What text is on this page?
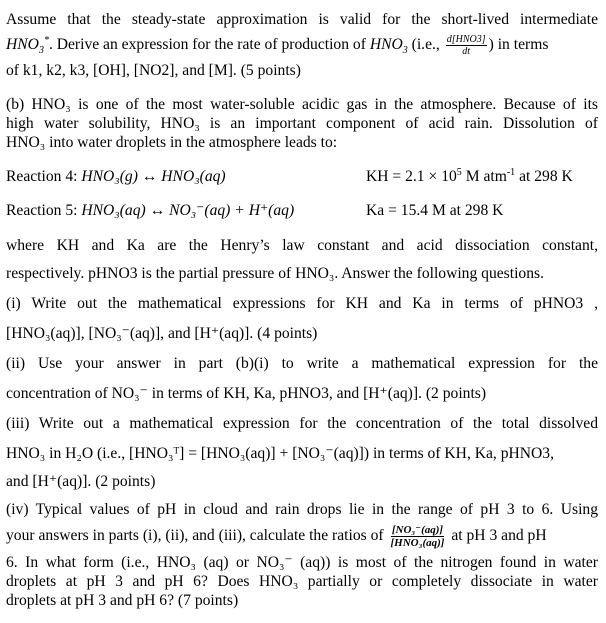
Assume that the steady-state approximation is valid for the short-lived intermediate
$HNO_3^*$. Derive an expression for the rate of production of $HNO_3$ (i.e., $\frac{\text{d[HNO3]}}{dt}$ ) in terms
of k1, k2, k3, [OH], [NO2], and [M]. (5 points)
(b) HNO₃ is one of the most water-soluble acidic gas in the atmosphere. Because of its
high water solubility, HNO₃ is an important component of acid rain. Dissolution of
HNO₃ into water droplets in the atmosphere leads to:
Reaction 4: HNO₃(g) ↔ HNO₃(aq)	KH = $2.1 \times 10^5$ M atm$^{-1}$ at 298 K
Reaction 5: HNO₃(aq) ↔ NO₃⁻(aq) + H⁺(aq)	Ka = 15.4 M at 298 K
where KH and Ka are the Henry’s law constant and acid dissociation constant,
respectively. pHNO3 is the partial pressure of HNO₃. Answer the following questions.
(i) Write out the mathematical expressions for KH and Ka in terms of pHNO3 ,
[HNO₃(aq)], [NO₃⁻(aq)], and [H⁺(aq)]. (4 points)
(ii) Use your answer in part (b)(i) to write a mathematical expression for the
concentration of NO₃⁻ in terms of KH, Ka, pHNO3, and [H⁺(aq)]. (2 points)
(iii) Write out a mathematical expression for the concentration of the total dissolved
HNO₃ in H₂O (i.e., [HNO₃ᵀ] = [HNO₃(aq)] + [NO₃⁻(aq)]) in terms of KH, Ka, pHNO3,
and [H⁺(aq)]. (2 points)
(iv) Typical values of pH in cloud and rain drops lie in the range of pH 3 to 6. Using
your answers in parts (i), (ii), and (iii), calculate the ratios of $\frac{\text{[NO₃⁻(aq)]}}{\text{[HNO₃(aq)]}}$ at pH 3 and pH
6. In what form (i.e., HNO₃ (aq) or NO₃⁻ (aq)) is most of the nitrogen found in water
droplets at pH 3 and pH 6? Does HNO₃ partially or completely dissociate in water
droplets at pH 3 and pH 6? (7 points)
